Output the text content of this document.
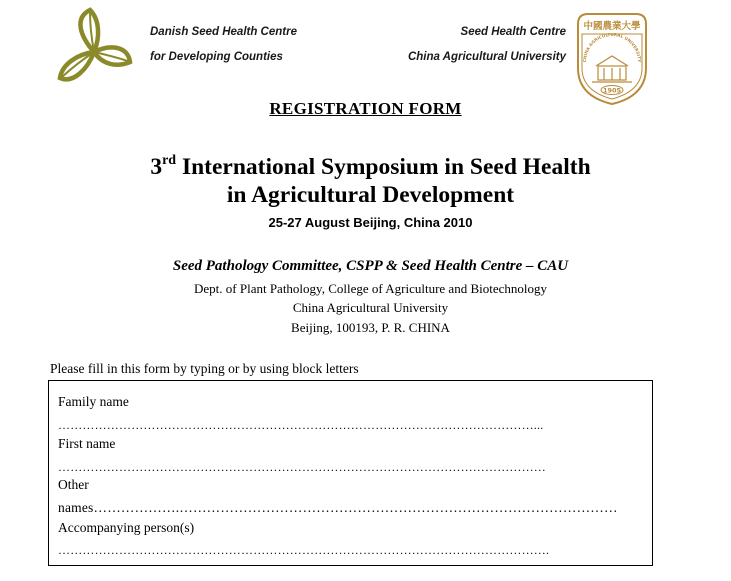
Danish Seed Health Centre
for Developing Counties
Seed Health Centre
China Agricultural University
中國農業大學
CHINA AGRICULTURAL UNIVERSITY
1905
REGISTRATION FORM
3rd International Symposium in Seed Health
in Agricultural Development
25-27 August Beijing, China 2010
Seed Pathology Committee, CSPP & Seed Health Centre – CAU
Dept. of Plant Pathology, College of Agriculture and Biotechnology
China Agricultural University
Beijing, 100193, P. R. CHINA
Please fill in this form by typing or by using block letters
Family name
………………………………………………………………………………………………………...
First name
…………………………………………………………………………………………………………
Other
names……………….……………………………………………………………………………………
Accompanying person(s)
………………………………………………………………………………………………………….
